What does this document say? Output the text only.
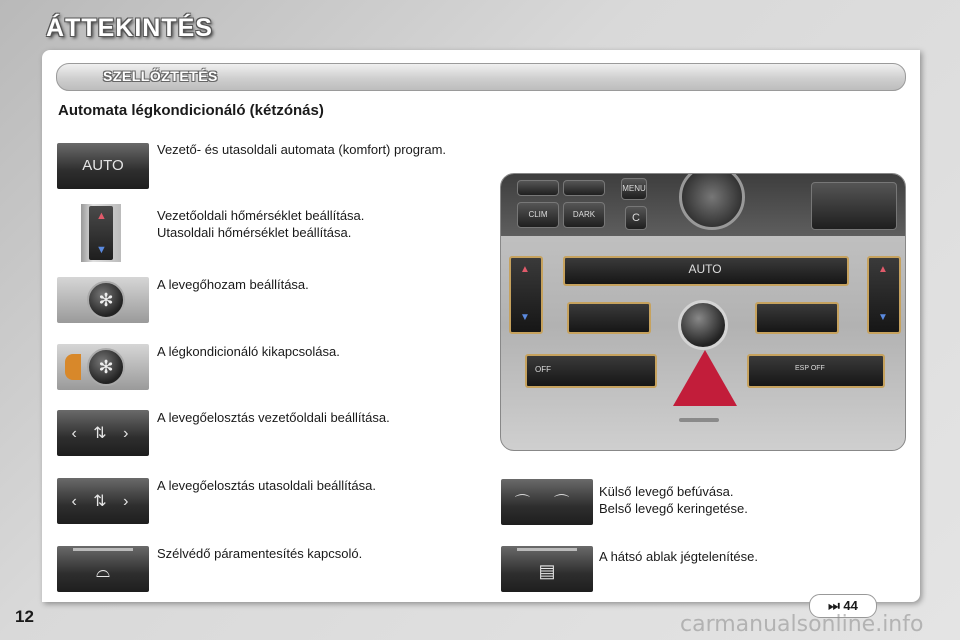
ÁTTEKINTÉS
SZELLŐZTETÉS
Automata légkondicionáló (kétzónás)
AUTO
Vezető- és utasoldali automata (komfort) program.
▲
▼
Vezetőoldali hőmérséklet beállítása.
Utasoldali hőmérséklet beállítása.
✻
A levegőhozam beállítása.
✻
A légkondicionáló kikapcsolása.
‹ ⇅ ›
A levegőelosztás vezetőoldali beállítása.
‹ ⇅ ›
A levegőelosztás utasoldali beállítása.
⌓
Szélvédő páramentesítés kapcsoló.
CLIM	DARK
MENU
C
▲
▼
▲
▼
AUTO
OFF	ESP OFF
⌒ ⌒
Külső levegő befúvása.
Belső levegő keringetése.
▤
A hátsó ablak jégtelenítése.
⏭ 44
12	carmanualsonline.info
